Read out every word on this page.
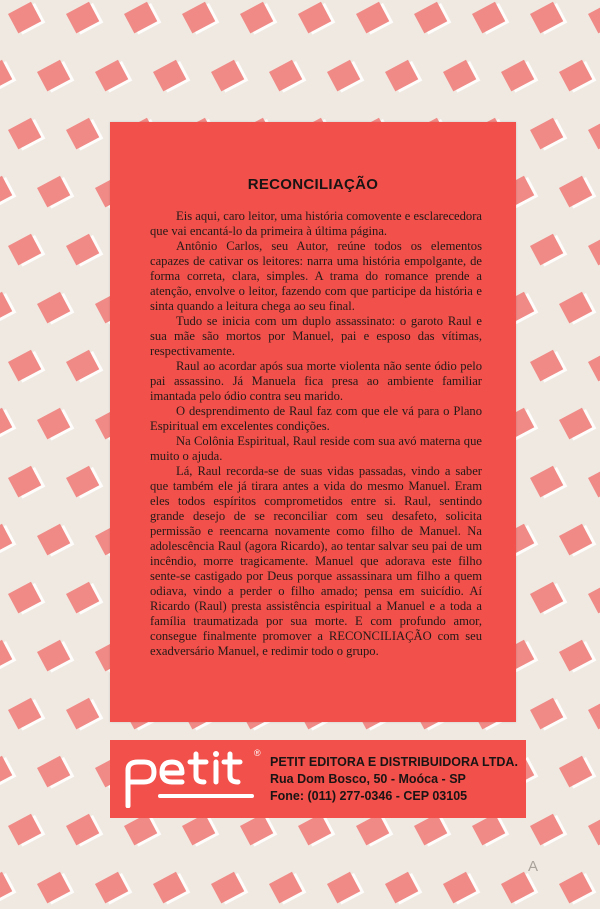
RECONCILIAÇÃO

Eis aqui, caro leitor, uma história comovente e esclarecedora que vai encantá-lo da primeira à última página.

Antônio Carlos, seu Autor, reúne todos os elementos capazes de cativar os leitores: narra uma história empolgante, de forma correta, clara, simples. A trama do romance prende a atenção, envolve o leitor, fazendo com que participe da história e sinta quando a leitura chega ao seu final.

Tudo se inicia com um duplo assassinato: o garoto Raul e sua mãe são mortos por Manuel, pai e esposo das vítimas, respectivamente.

Raul ao acordar após sua morte violenta não sente ódio pelo pai assassino. Já Manuela fica presa ao ambiente familiar imantada pelo ódio contra seu marido.

O desprendimento de Raul faz com que ele vá para o Plano Espiritual em excelentes condições.

Na Colônia Espiritual, Raul reside com sua avó materna que muito o ajuda.

Lá, Raul recorda-se de suas vidas passadas, vindo a saber que também ele já tirara antes a vida do mesmo Manuel. Eram eles todos espíritos comprometidos entre si. Raul, sentindo grande desejo de se reconciliar com seu desafeto, solicita permissão e reencarna novamente como filho de Manuel. Na adolescência Raul (agora Ricardo), ao tentar salvar seu pai de um incêndio, morre tragicamente. Manuel que adorava este filho sente-se castigado por Deus porque assassinara um filho a quem odiava, vindo a perder o filho amado; pensa em suicídio. Aí Ricardo (Raul) presta assistência espiritual a Manuel e a toda a família traumatizada por sua morte. E com profundo amor, consegue finalmente promover a RECONCILIAÇÃO com seu exadversário Manuel, e redimir todo o grupo.

®
PETIT EDITORA E DISTRIBUIDORA LTDA.
Rua Dom Bosco, 50 - Moóca - SP
Fone: (011) 277-0346 - CEP 03105
A
